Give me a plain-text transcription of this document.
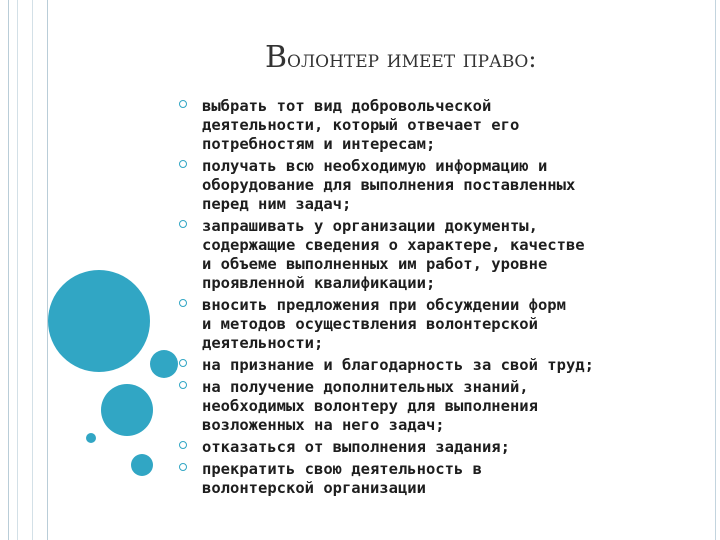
Волонтер имеет право:
выбрать тот вид добровольческой
деятельности, который отвечает его
потребностям и интересам;
получать всю необходимую информацию и
оборудование для выполнения поставленных
перед ним задач;
запрашивать у организации документы,
содержащие сведения о характере, качестве
и объеме выполненных им работ, уровне
проявленной квалификации;
вносить предложения при обсуждении форм
и методов осуществления волонтерской
деятельности;
на признание и благодарность за свой труд;
на получение дополнительных знаний,
необходимых волонтеру для выполнения
возложенных на него задач;
отказаться от выполнения задания;
прекратить свою деятельность в
волонтерской организации
